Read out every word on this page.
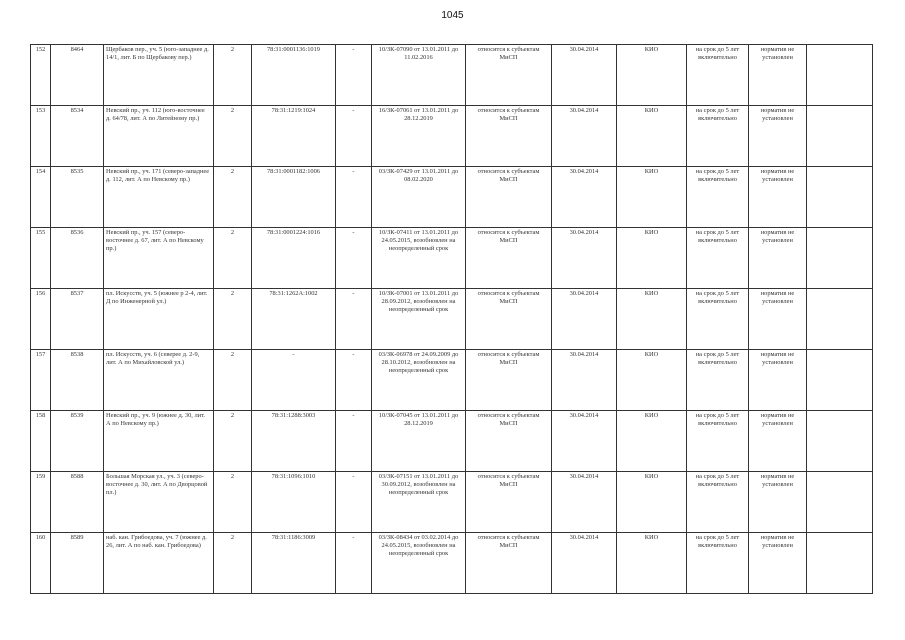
1045
152	8464	Щербаков пер., уч. 5 (юго-западнее д. 14/1, лит. Б по Щербакову пер.)	2	78:31:0001136:1019	-	10/ЗК-07090 от 13.01.2011 до 11.02.2016	относится к субъектам МиСП	30.04.2014	КИО	на срок до 5 лет включительно	норматив не установлен	
153	8534	Невский пр., уч. 112 (юго-восточнее д. 64/78, лит. А по Литейному пр.)	2	78:31:1219:1024	-	16/ЗК-07061 от 13.01.2011 до 28.12.2019	относится к субъектам МиСП	30.04.2014	КИО	на срок до 5 лет включительно	норматив не установлен	
154	8535	Невский пр., уч. 171 (северо-западнее д. 112, лит. А по Невскому пр.)	2	78:31:0001182:1006	-	03/ЗК-07429 от 13.01.2011 до 08.02.2020	относится к субъектам МиСП	30.04.2014	КИО	на срок до 5 лет включительно	норматив не установлен	
155	8536	Невский пр., уч. 157 (северо-восточнее д. 67, лит. А по Невскому пр.)	2	78:31:0001224:1016	-	10/ЗК-07411 от 13.01.2011 до 24.05.2015, возобновлен на неопределенный срок	относится к субъектам МиСП	30.04.2014	КИО	на срок до 5 лет включительно	норматив не установлен	
156	8537	пл. Искусств, уч. 5 (южнее р 2-4, лит. Д по Инженерной ул.)	2	78:31:1262А:1002	-	10/ЗК-07001 от 13.01.2011 до 28.09.2012, возобновлен на неопределенный срок	относится к субъектам МиСП	30.04.2014	КИО	на срок до 5 лет включительно	норматив не установлен	
157	8538	пл. Искусств, уч. 6 (северее д. 2-9, лит. А по Михайловской ул.)	2	-	-	03/ЗК-06978 от 24.09.2009 до 28.10.2012, возобновлен на неопределенный срок	относится к субъектам МиСП	30.04.2014	КИО	на срок до 5 лет включительно	норматив не установлен	
158	8539	Невский пр., уч. 9 (южнее д. 30, лит. А по Невскому пр.)	2	78:31:1288:3003	-	10/ЗК-07045 от 13.01.2011 до 28.12.2019	относится к субъектам МиСП	30.04.2014	КИО	на срок до 5 лет включительно	норматив не установлен	
159	8588	Большая Морская ул., уч. 3 (северо-восточнее д. 30, лит. А по Дворцовой пл.)	2	78:31:1096:1010	-	03/ЗК-07151 от 13.01.2011 до 30.09.2012, возобновлен на неопределенный срок	относится к субъектам МиСП	30.04.2014	КИО	на срок до 5 лет включительно	норматив не установлен	
160	8589	наб. кан. Грибоедова, уч. 7 (южнее д. 26, лит. А по наб. кан. Грибоедова)	2	78:31:1186:3009	-	03/ЗК-08434 от 03.02.2014 до 24.05.2015, возобновлен на неопределенный срок	относится к субъектам МиСП	30.04.2014	КИО	на срок до 5 лет включительно	норматив не установлен	
